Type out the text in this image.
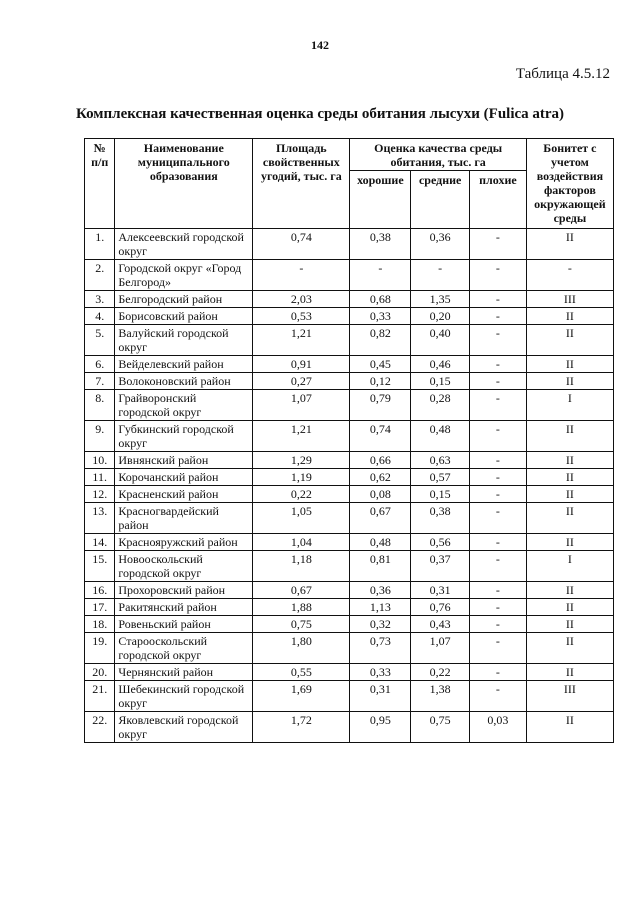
142
Таблица 4.5.12
Комплексная качественная оценка среды обитания лысухи (Fulica atra)
№ п/п	Наименование муниципального образования	Площадь свойственных угодий, тыс. га	Оценка качества среды обитания, тыс. га			Бонитет с учетом воздействия факторов окружающей среды
			хорошие	средние	плохие	
1.	Алексеевский городской округ	0,74	0,38	0,36	-	II
2.	Городской округ «Город Белгород»	-	-	-	-	-
3.	Белгородский район	2,03	0,68	1,35	-	III
4.	Борисовский район	0,53	0,33	0,20	-	II
5.	Валуйский городской округ	1,21	0,82	0,40	-	II
6.	Вейделевский район	0,91	0,45	0,46	-	II
7.	Волоконовский район	0,27	0,12	0,15	-	II
8.	Грайворонский городской округ	1,07	0,79	0,28	-	I
9.	Губкинский городской округ	1,21	0,74	0,48	-	II
10.	Ивнянский район	1,29	0,66	0,63	-	II
11.	Корочанский район	1,19	0,62	0,57	-	II
12.	Красненский район	0,22	0,08	0,15	-	II
13.	Красногвардейский район	1,05	0,67	0,38	-	II
14.	Краснояружский район	1,04	0,48	0,56	-	II
15.	Новооскольский городской округ	1,18	0,81	0,37	-	I
16.	Прохоровский район	0,67	0,36	0,31	-	II
17.	Ракитянский район	1,88	1,13	0,76	-	II
18.	Ровеньский район	0,75	0,32	0,43	-	II
19.	Старооскольский городской округ	1,80	0,73	1,07	-	II
20.	Чернянский район	0,55	0,33	0,22	-	II
21.	Шебекинский городской округ	1,69	0,31	1,38	-	III
22.	Яковлевский городской округ	1,72	0,95	0,75	0,03	II
